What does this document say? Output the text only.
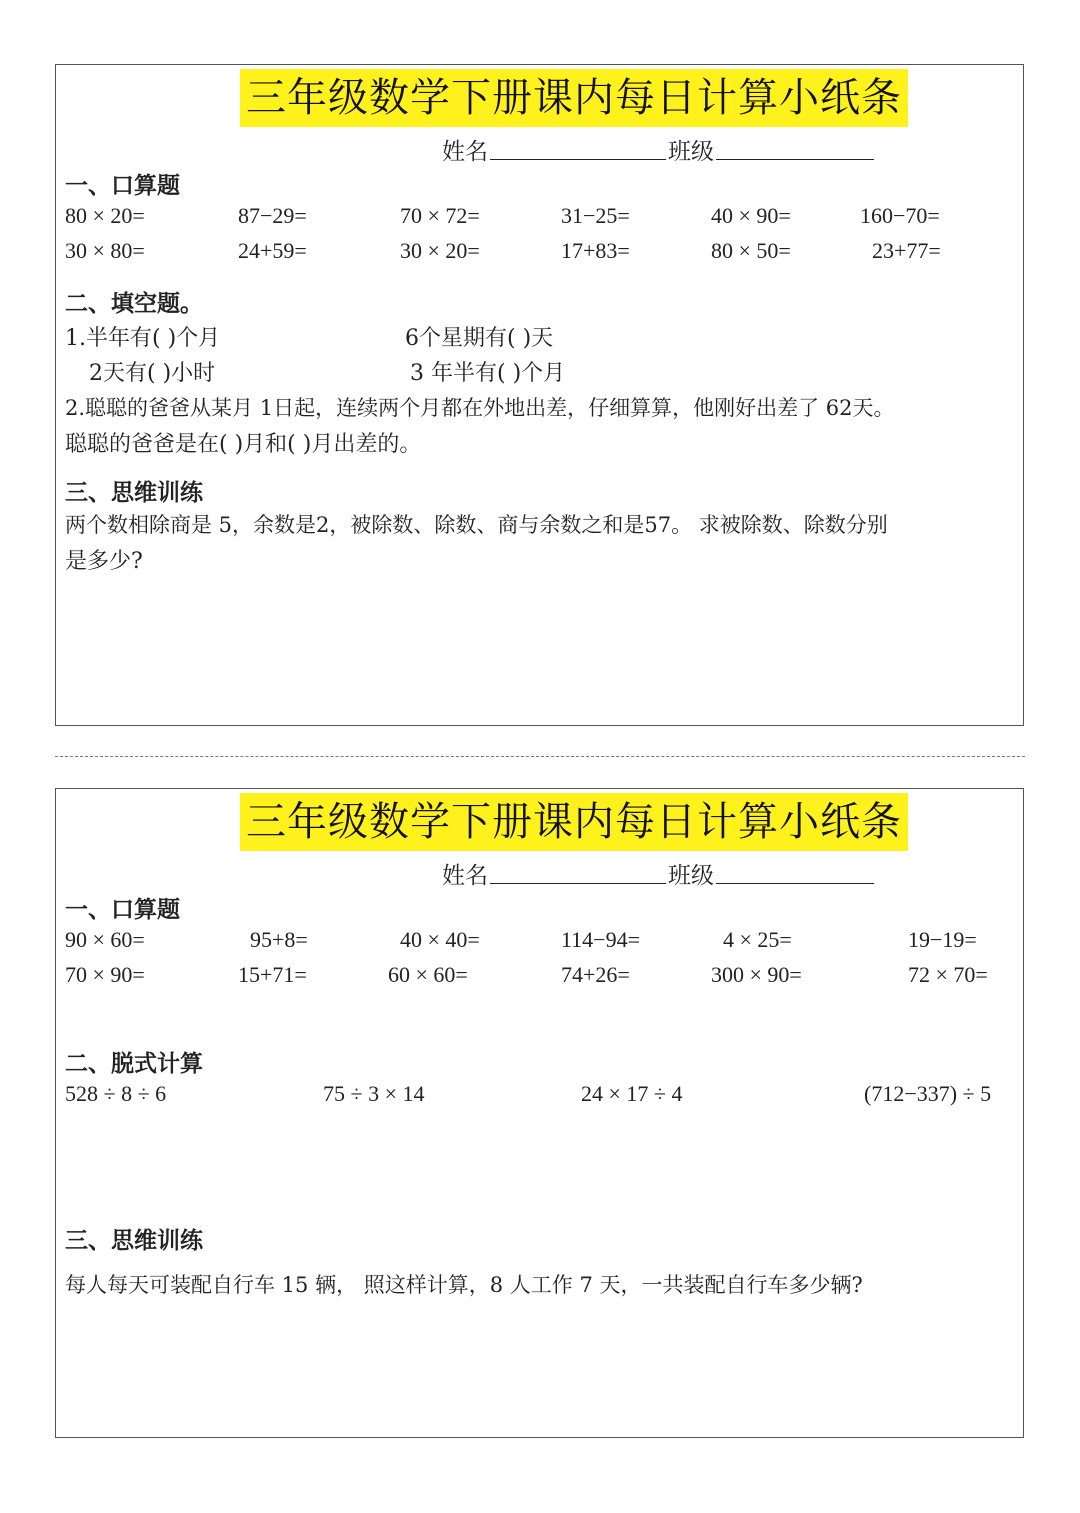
三年级数学下册课内每日计算小纸条
姓名	班级
一、口算题
80 × 20=	87−29=	70 × 72=	31−25=	40 × 90=	160−70=
30 × 80=	24+59=	30 × 20=	17+83=	80 × 50=	23+77=
二、填空题。
1.半年有( )个月	6个星期有( )天
2天有( )小时	3 年半有( )个月
2.聪聪的爸爸从某月 1日起，连续两个月都在外地出差，仔细算算，他刚好出差了 62天。
聪聪的爸爸是在( )月和( )月出差的。
三、思维训练
两个数相除商是 5，余数是2，被除数、除数、商与余数之和是57。 求被除数、除数分别
是多少?
三年级数学下册课内每日计算小纸条
姓名	班级
一、口算题
90 × 60=	95+8=	40 × 40=	114−94=	4 × 25=	19−19=
70 × 90=	15+71=	60 × 60=	74+26=	300 × 90=	72 × 70=
二、脱式计算
528 ÷ 8 ÷ 6	75 ÷ 3 × 14	24 × 17 ÷ 4	(712−337) ÷ 5
三、思维训练
每人每天可装配自行车 15 辆， 照这样计算，8 人工作 7 天，一共装配自行车多少辆?
